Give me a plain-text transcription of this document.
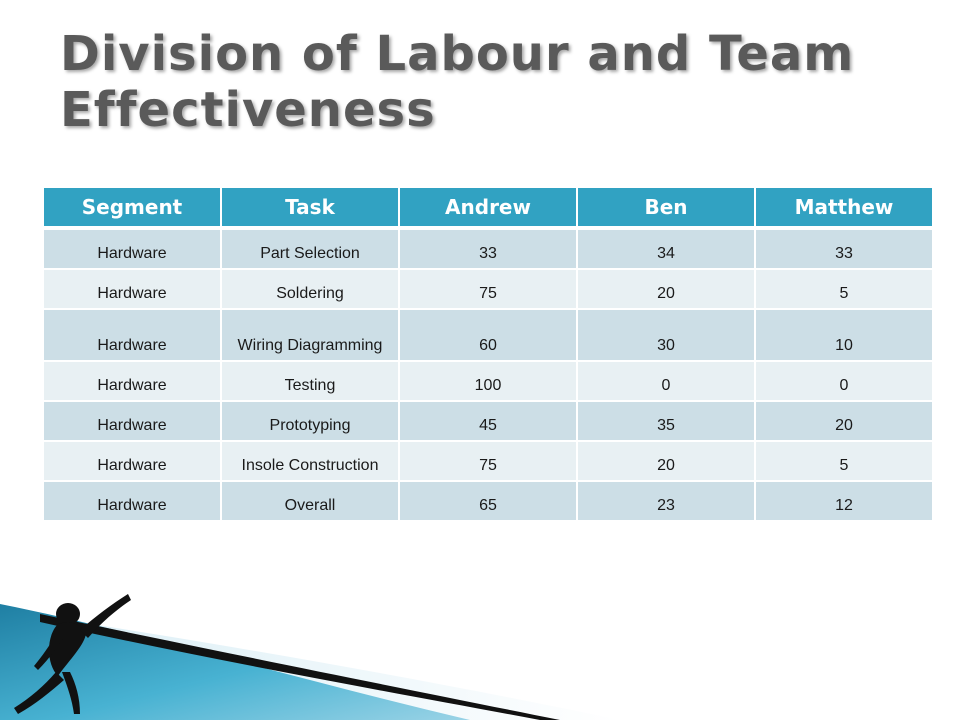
Division of Labour and Team Effectiveness
Segment	Task	Andrew	Ben	Matthew
Hardware	Part Selection	33	34	33
Hardware	Soldering	75	20	5
Hardware	Wiring Diagramming	60	30	10
Hardware	Testing	100	0	0
Hardware	Prototyping	45	35	20
Hardware	Insole Construction	75	20	5
Hardware	Overall	65	23	12
